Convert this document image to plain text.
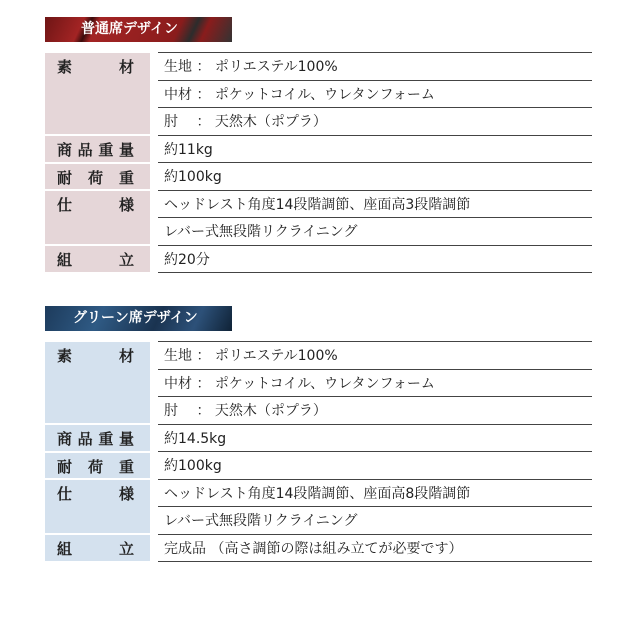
普通席デザイン
素材		生地 ： ポリエステル100%
		中材 ： ポケットコイル、ウレタンフォーム
		肘　 ： 天然木（ポプラ）
商品重量		約11kg
耐荷重		約100kg
仕様		ヘッドレスト角度14段階調節、座面高3段階調節
		レバー式無段階リクライニング
組立		約20分
グリーン席デザイン
素材		生地 ： ポリエステル100%
		中材 ： ポケットコイル、ウレタンフォーム
		肘　 ： 天然木（ポプラ）
商品重量		約14.5kg
耐荷重		約100kg
仕様		ヘッドレスト角度14段階調節、座面高8段階調節
		レバー式無段階リクライニング
組立		完成品 （高さ調節の際は組み立てが必要です）
